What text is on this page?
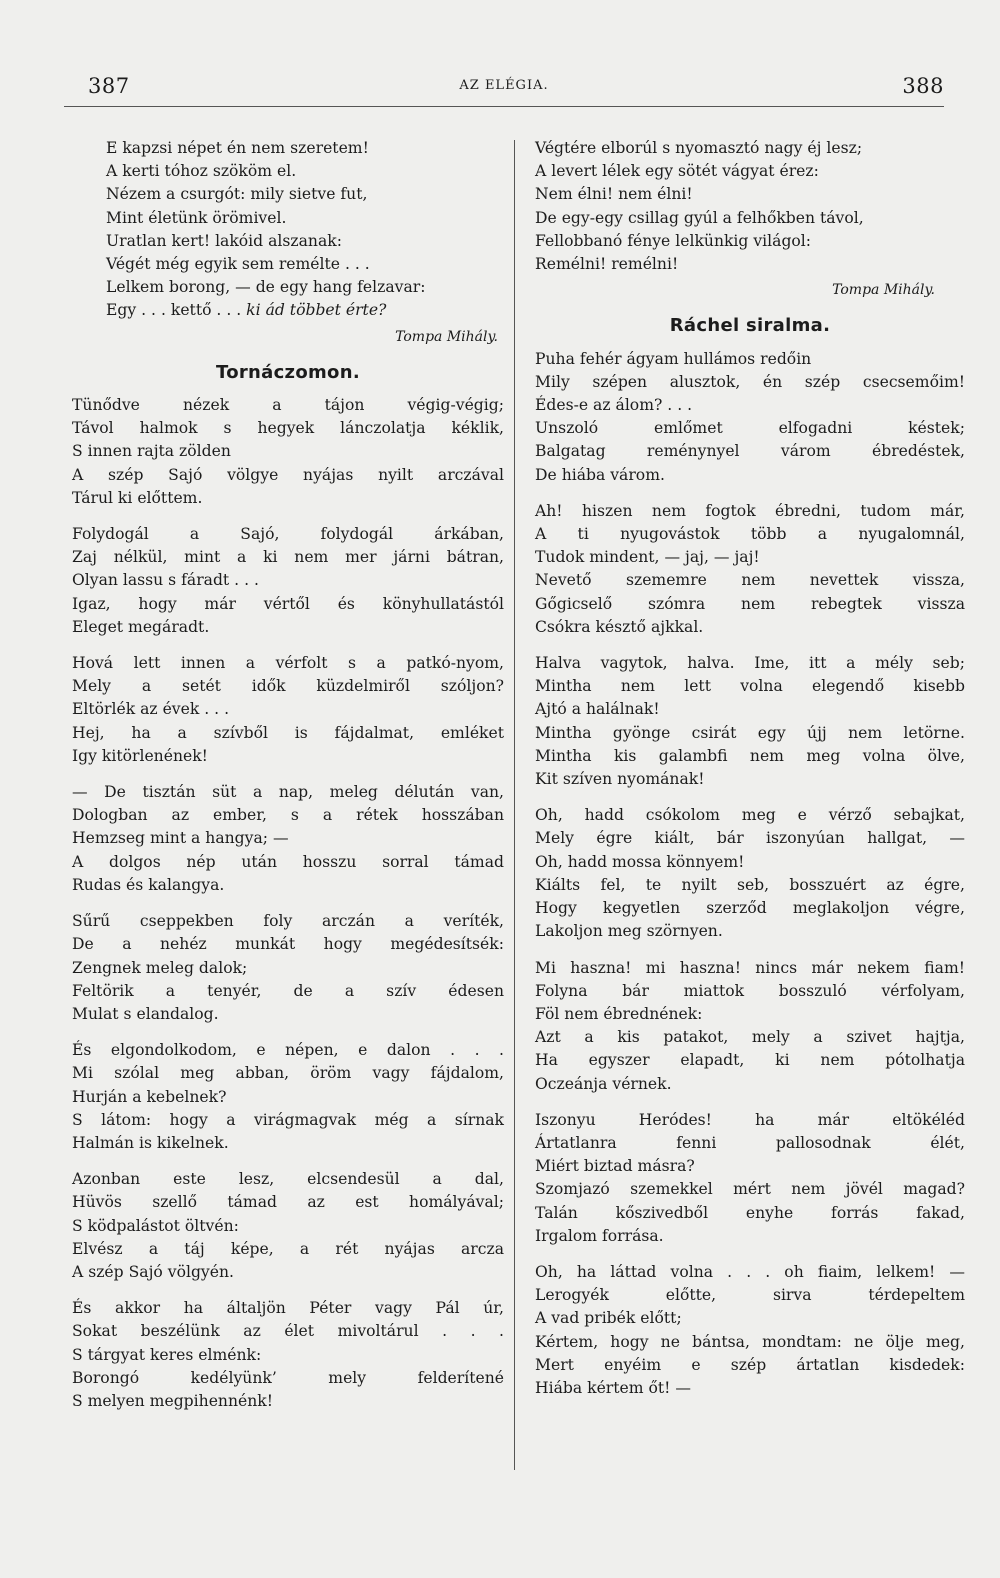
387	AZ ELÉGIA.	388
E kapzsi népet én nem szeretem!
A kerti tóhoz szököm el.
Nézem a csurgót: mily sietve fut,
Mint életünk örömivel.
Uratlan kert! lakóid alszanak:
Végét még egyik sem remélte . . .
Lelkem borong, — de egy hang felzavar:
Egy . . . kettő . . . ki ád többet érte?
Tompa Mihály.
Tornáczomon.
Tünődve nézek a tájon végig-végig;
Távol halmok s hegyek lánczolatja kéklik,
S innen rajta zölden
A szép Sajó völgye nyájas nyilt arczával
Tárul ki előttem.
Folydogál a Sajó, folydogál árkában,
Zaj nélkül, mint a ki nem mer járni bátran,
Olyan lassu s fáradt . . .
Igaz, hogy már vértől és könyhullatástól
Eleget megáradt.
Hová lett innen a vérfolt s a patkó-nyom,
Mely a setét idők küzdelmiről szóljon?
Eltörlék az évek . . .
Hej, ha a szívből is fájdalmat, emléket
Igy kitörlenének!
— De tisztán süt a nap, meleg délután van,
Dologban az ember, s a rétek hosszában
Hemzseg mint a hangya; —
A dolgos nép után hosszu sorral támad
Rudas és kalangya.
Sűrű cseppekben foly arczán a veríték,
De a nehéz munkát hogy megédesítsék:
Zengnek meleg dalok;
Feltörik a tenyér, de a szív édesen
Mulat s elandalog.
És elgondolkodom, e népen, e dalon . . .
Mi szólal meg abban, öröm vagy fájdalom,
Hurján a kebelnek?
S látom: hogy a virágmagvak még a sírnak
Halmán is kikelnek.
Azonban este lesz, elcsendesül a dal,
Hüvös szellő támad az est homályával;
S ködpalástot öltvén:
Elvész a táj képe, a rét nyájas arcza
A szép Sajó völgyén.
És akkor ha általjön Péter vagy Pál úr,
Sokat beszélünk az élet mivoltárul . . .
S tárgyat keres elménk:
Borongó kedélyünk’ mely felderítené
S melyen megpihennénk!
Végtére elborúl s nyomasztó nagy éj lesz;
A levert lélek egy sötét vágyat érez:
Nem élni! nem élni!
De egy-egy csillag gyúl a felhőkben távol,
Fellobbanó fénye lelkünkig világol:
Remélni! remélni!
Tompa Mihály.
Ráchel siralma.
Puha fehér ágyam hullámos redőin
Mily szépen alusztok, én szép csecsemőim!
Édes-e az álom? . . .
Unszoló emlőmet elfogadni késtek;
Balgatag reménynyel várom ébredéstek,
De hiába várom.
Ah! hiszen nem fogtok ébredni, tudom már,
A ti nyugovástok több a nyugalomnál,
Tudok mindent, — jaj, — jaj!
Nevető szememre nem nevettek vissza,
Gőgicselő szómra nem rebegtek vissza
Csókra késztő ajkkal.
Halva vagytok, halva. Ime, itt a mély seb;
Mintha nem lett volna elegendő kisebb
Ajtó a halálnak!
Mintha gyönge csirát egy újj nem letörne.
Mintha kis galambfi nem meg volna ölve,
Kit szíven nyomának!
Oh, hadd csókolom meg e vérző sebajkat,
Mely égre kiált, bár iszonyúan hallgat, —
Oh, hadd mossa könnyem!
Kiálts fel, te nyilt seb, bosszuért az égre,
Hogy kegyetlen szerződ meglakoljon végre,
Lakoljon meg szörnyen.
Mi haszna! mi haszna! nincs már nekem fiam!
Folyna bár miattok bosszuló vérfolyam,
Föl nem ébrednének:
Azt a kis patakot, mely a szivet hajtja,
Ha egyszer elapadt, ki nem pótolhatja
Oczeánja vérnek.
Iszonyu Heródes! ha már eltökéléd
Ártatlanra fenni pallosodnak élét,
Miért biztad másra?
Szomjazó szemekkel mért nem jövél magad?
Talán kőszivedből enyhe forrás fakad,
Irgalom forrása.
Oh, ha láttad volna . . . oh fiaim, lelkem! —
Lerogyék előtte, sirva térdepeltem
A vad pribék előtt;
Kértem, hogy ne bántsa, mondtam: ne ölje meg,
Mert enyéim e szép ártatlan kisdedek:
Hiába kértem őt! —
